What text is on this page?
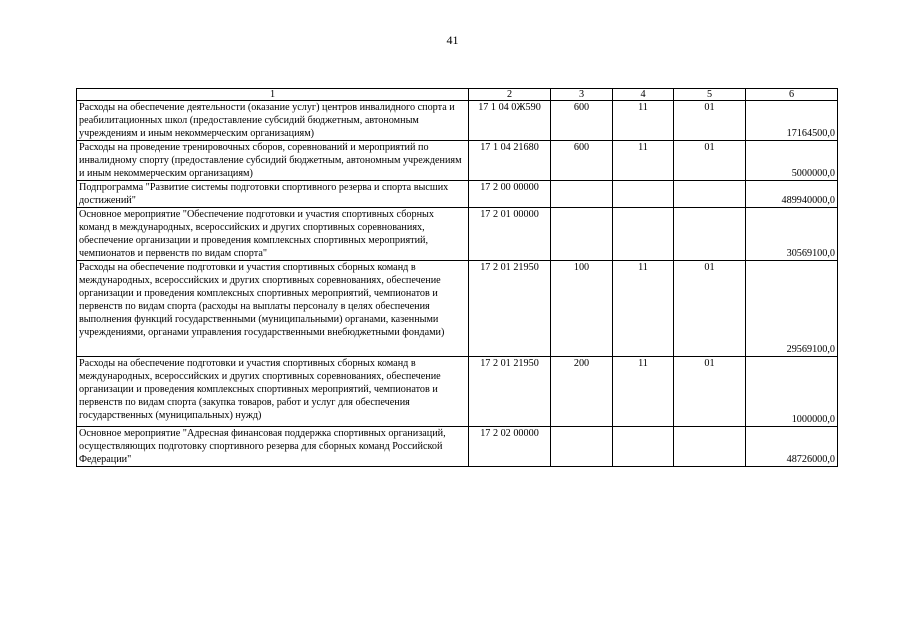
41
1	2	3	4	5	6
Расходы на обеспечение деятельности (оказание услуг) центров инвалидного спорта и реабилитационных школ (предоставление субсидий бюджетным, автономным учреждениям и иным некоммерческим организациям)	17 1 04 0Ж590	600	11	01	17164500,0
Расходы на проведение тренировочных сборов, соревнований и мероприятий по инвалидному спорту (предоставление субсидий бюджетным, автономным учреждениям и иным некоммерческим организациям)	17 1 04 21680	600	11	01	5000000,0
Подпрограмма "Развитие системы подготовки спортивного резерва и спорта высших достижений"	17 2 00 00000				489940000,0
Основное мероприятие "Обеспечение подготовки и участия спортивных сборных команд в международных, всероссийских и других спортивных соревнованиях, обеспечение организации и проведения комплексных спортивных мероприятий, чемпионатов и первенств по видам спорта"	17 2 01 00000				30569100,0
Расходы на обеспечение подготовки и участия спортивных сборных команд в международных, всероссийских и других спортивных соревнованиях, обеспечение организации и проведения комплексных спортивных мероприятий, чемпионатов и первенств по видам спорта (расходы на выплаты персоналу в целях обеспечения выполнения функций государственными (муниципальными) органами, казенными учреждениями, органами управления государственными внебюджетными фондами)	17 2 01 21950	100	11	01	29569100,0
Расходы на обеспечение подготовки и участия спортивных сборных команд в международных, всероссийских и других спортивных соревнованиях, обеспечение организации и проведения комплексных спортивных мероприятий, чемпионатов и первенств по видам спорта (закупка товаров, работ и услуг для обеспечения государственных (муниципальных) нужд)	17 2 01 21950	200	11	01	1000000,0
Основное мероприятие "Адресная финансовая поддержка спортивных организаций, осуществляющих подготовку спортивного резерва для сборных команд Российской Федерации"	17 2 02 00000				48726000,0
